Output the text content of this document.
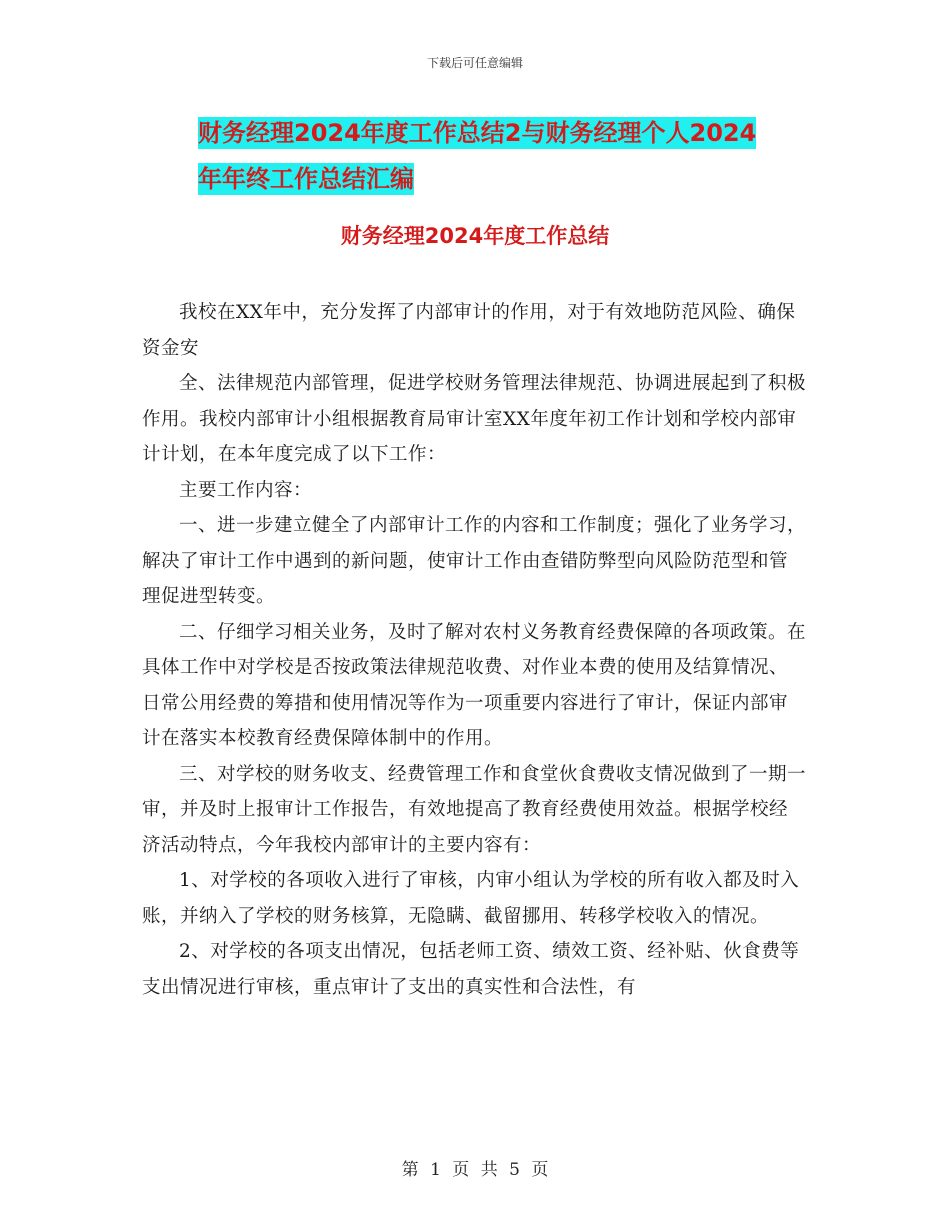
下载后可任意编辑
财务经理2024年度工作总结2与财务经理个人2024
年年终工作总结汇编
财务经理2024年度工作总结

我校在XX年中，充分发挥了内部审计的作用，对于有效地防范风险、确保资金安

全、法律规范内部管理，促进学校财务管理法律规范、协调进展起到了积极作用。我校内部审计小组根据教育局审计室XX年度年初工作计划和学校内部审计计划，在本年度完成了以下工作：

主要工作内容：

一、进一步建立健全了内部审计工作的内容和工作制度；强化了业务学习，解决了审计工作中遇到的新问题，使审计工作由查错防弊型向风险防范型和管理促进型转变。

二、仔细学习相关业务，及时了解对农村义务教育经费保障的各项政策。在具体工作中对学校是否按政策法律规范收费、对作业本费的使用及结算情况、日常公用经费的筹措和使用情况等作为一项重要内容进行了审计，保证内部审计在落实本校教育经费保障体制中的作用。

三、对学校的财务收支、经费管理工作和食堂伙食费收支情况做到了一期一审，并及时上报审计工作报告，有效地提高了教育经费使用效益。根据学校经济活动特点，今年我校内部审计的主要内容有：

1、对学校的各项收入进行了审核，内审小组认为学校的所有收入都及时入账，并纳入了学校的财务核算，无隐瞒、截留挪用、转移学校收入的情况。

2、对学校的各项支出情况，包括老师工资、绩效工资、经补贴、伙食费等支出情况进行审核，重点审计了支出的真实性和合法性，有

第 1 页 共 5 页
